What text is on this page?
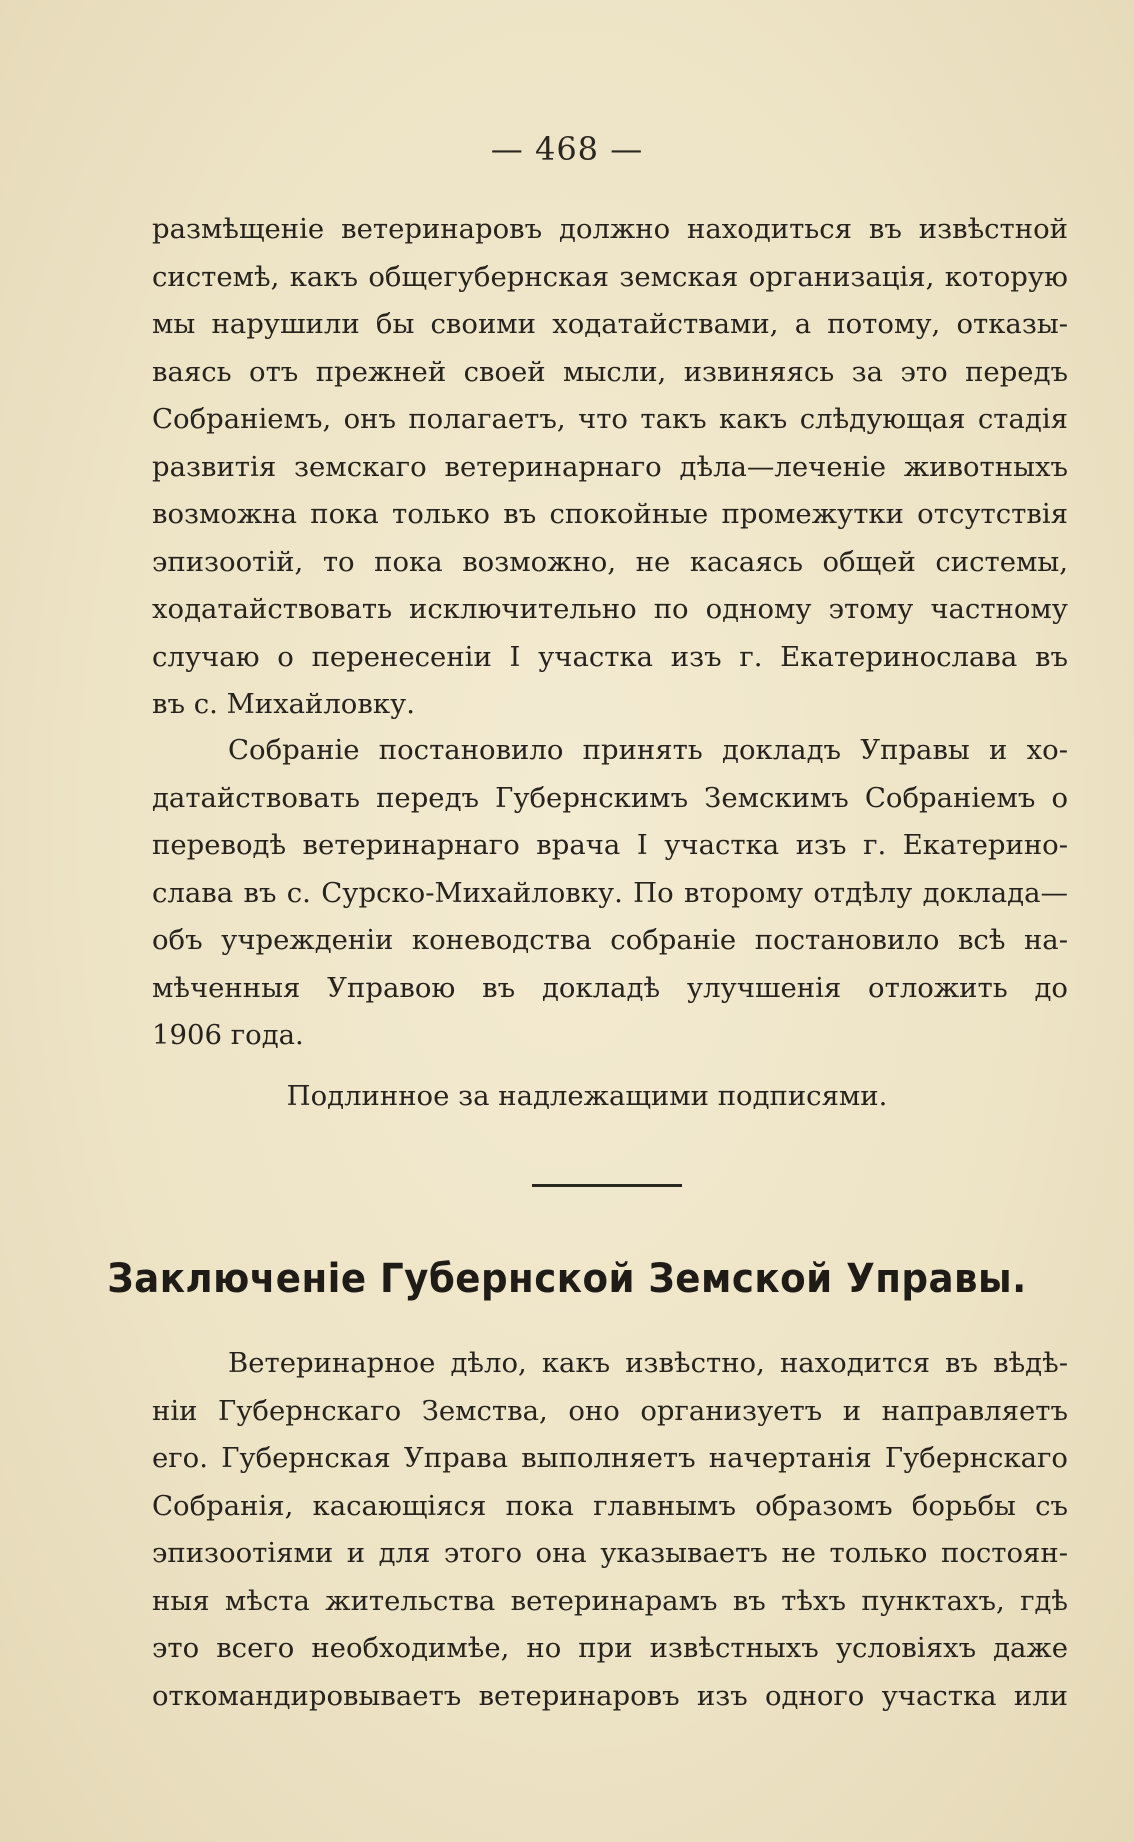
— 468 —
размѣщеніе ветеринаровъ должно находиться въ извѣстной
системѣ, какъ общегубернская земская организація, которую
мы нарушили бы своими ходатайствами, а потому, отказы-
ваясь отъ прежней своей мысли, извиняясь за это передъ
Собраніемъ, онъ полагаетъ, что такъ какъ слѣдующая стадія
развитія земскаго ветеринарнаго дѣла—леченіе животныхъ
возможна пока только въ спокойные промежутки отсутствія
эпизоотій, то пока возможно, не касаясь общей системы,
ходатайствовать исключительно по одному этому частному
случаю о перенесеніи I участка изъ г. Екатеринослава въ
въ с. Михайловку.
Собраніе постановило принять докладъ Управы и хо-
датайствовать передъ Губернскимъ Земскимъ Собраніемъ о
переводѣ ветеринарнаго врача I участка изъ г. Екатерино-
слава въ с. Сурско-Михайловку. По второму отдѣлу доклада—
объ учрежденіи коневодства собраніе постановило всѣ на-
мѣченныя Управою въ докладѣ улучшенія отложить до
1906 года.
Подлинное за надлежащими подписями.
Заключеніе Губернской Земской Управы.
Ветеринарное дѣло, какъ извѣстно, находится въ вѣдѣ-
ніи Губернскаго Земства, оно организуетъ и направляетъ
его. Губернская Управа выполняетъ начертанія Губернскаго
Собранія, касающіяся пока главнымъ образомъ борьбы съ
эпизоотіями и для этого она указываетъ не только постоян-
ныя мѣста жительства ветеринарамъ въ тѣхъ пунктахъ, гдѣ
это всего необходимѣе, но при извѣстныхъ условіяхъ даже
откомандировываетъ ветеринаровъ изъ одного участка или
